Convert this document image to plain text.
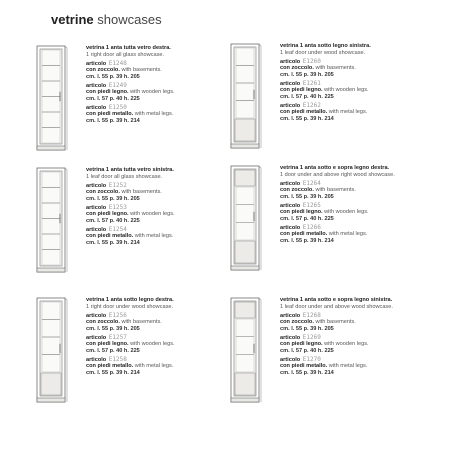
vetrine showcases
vetrina 1 anta tutta vetro destra.
1 right door all glass showcase.
articolo E1248
con zoccolo. with basements.
cm. l. 55 p. 39 h. 205
articolo E1249
con piedi legno. with wooden legs.
cm. l. 57 p. 40 h. 225
articolo E1250
con piedi metallo. with metal legs.
cm. l. 55 p. 39 h. 214
vetrina 1 anta sotto legno sinistra.
1 leaf door under wood showcase.
articolo E1260
con zoccolo. with basements.
cm. l. 55 p. 39 h. 205
articolo E1261
con piedi legno. with wooden legs.
cm. l. 57 p. 40 h. 225
articolo E1262
con piedi metallo. with metal legs.
cm. l. 55 p. 39 h. 214
vetrina 1 anta tutta vetro sinistra.
1 leaf door all glass showcase.
articolo E1252
con zoccolo. with basements.
cm. l. 55 p. 39 h. 205
articolo E1253
con piedi legno. with wooden legs.
cm. l. 57 p. 40 h. 225
articolo E1254
con piedi metallo. with metal legs.
cm. l. 55 p. 39 h. 214
vetrina 1 anta sotto e sopra legno destra.
1 door under and above right wood showcase.
articolo E1264
con zoccolo. with basements.
cm. l. 55 p. 39 h. 205
articolo E1265
con piedi legno. with wooden legs.
cm. l. 57 p. 40 h. 225
articolo E1266
con piedi metallo. with metal legs.
cm. l. 55 p. 39 h. 214
vetrina 1 anta sotto legno destra.
1 right door under wood showcase.
articolo E1256
con zoccolo. with basements.
cm. l. 55 p. 39 h. 205
articolo E1257
con piedi legno. with wooden legs.
cm. l. 57 p. 40 h. 225
articolo E1258
con piedi metallo. with metal legs.
cm. l. 55 p. 39 h. 214
vetrina 1 anta sotto e sopra legno sinistra.
1 leaf door under and above wood showcase.
articolo E1268
con zoccolo. with basements.
cm. l. 55 p. 39 h. 205
articolo E1269
con piedi legno. with wooden legs.
cm. l. 57 p. 40 h. 225
articolo E1270
con piedi metallo. with metal legs.
cm. l. 55 p. 39 h. 214
